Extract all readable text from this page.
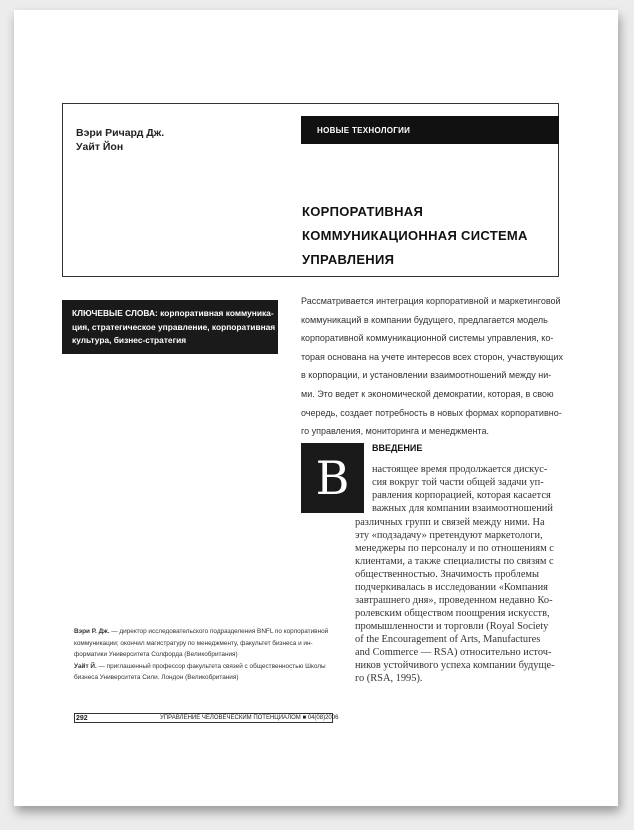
Вэри Ричард Дж.
Уайт Йон
НОВЫЕ ТЕХНОЛОГИИ
КОРПОРАТИВНАЯ
КОММУНИКАЦИОННАЯ СИСТЕМА
УПРАВЛЕНИЯ
КЛЮЧЕВЫЕ СЛОВА: корпоративная коммуника-
ция, стратегическое управление, корпоративная
культура, бизнес-стратегия
Рассматривается интеграция корпоративной и маркетинговой
коммуникаций в компании будущего, предлагается модель
корпоративной коммуникационной системы управления, ко-
торая основана на учете интересов всех сторон, участвующих
в корпорации, и установлении взаимоотношений между ни-
ми. Это ведет к экономической демократии, которая, в свою
очередь, создает потребность в новых формах корпоративно-
го управления, мониторинга и менеджмента.
В
ВВЕДЕНИЕ
настоящее время продолжается дискус-
сия вокруг той части общей задачи уп-
равления корпорацией, которая касается
важных для компании взаимоотношений
различных групп и связей между ними. На
эту «подзадачу» претендуют маркетологи,
менеджеры по персоналу и по отношениям с
клиентами, а также специалисты по связям с
общественностью. Значимость проблемы
подчеркивалась в исследовании «Компания
завтрашнего дня», проведенном недавно Ко-
ролевским обществом поощрения искусств,
промышленности и торговли (Royal Society
of the Encouragement of Arts, Manufactures
and Commerce — RSA) относительно источ-
ников устойчивого успеха компании будуще-
го (RSA, 1995).
Вэри Р. Дж. — директор исследовательского подразделения BNFL по корпоративной
коммуникации; окончил магистратуру по менеджменту, факультет бизнеса и ин-
форматики Университета Солфорда (Великобритания)
Уайт Й. — приглашенный профессор факультета связей с общественностью Школы
бизнеса Университета Сили. Лондон (Великобритания)
292	УПРАВЛЕНИЕ ЧЕЛОВЕЧЕСКИМ ПОТЕНЦИАЛОМ ■ 04(08)2006
